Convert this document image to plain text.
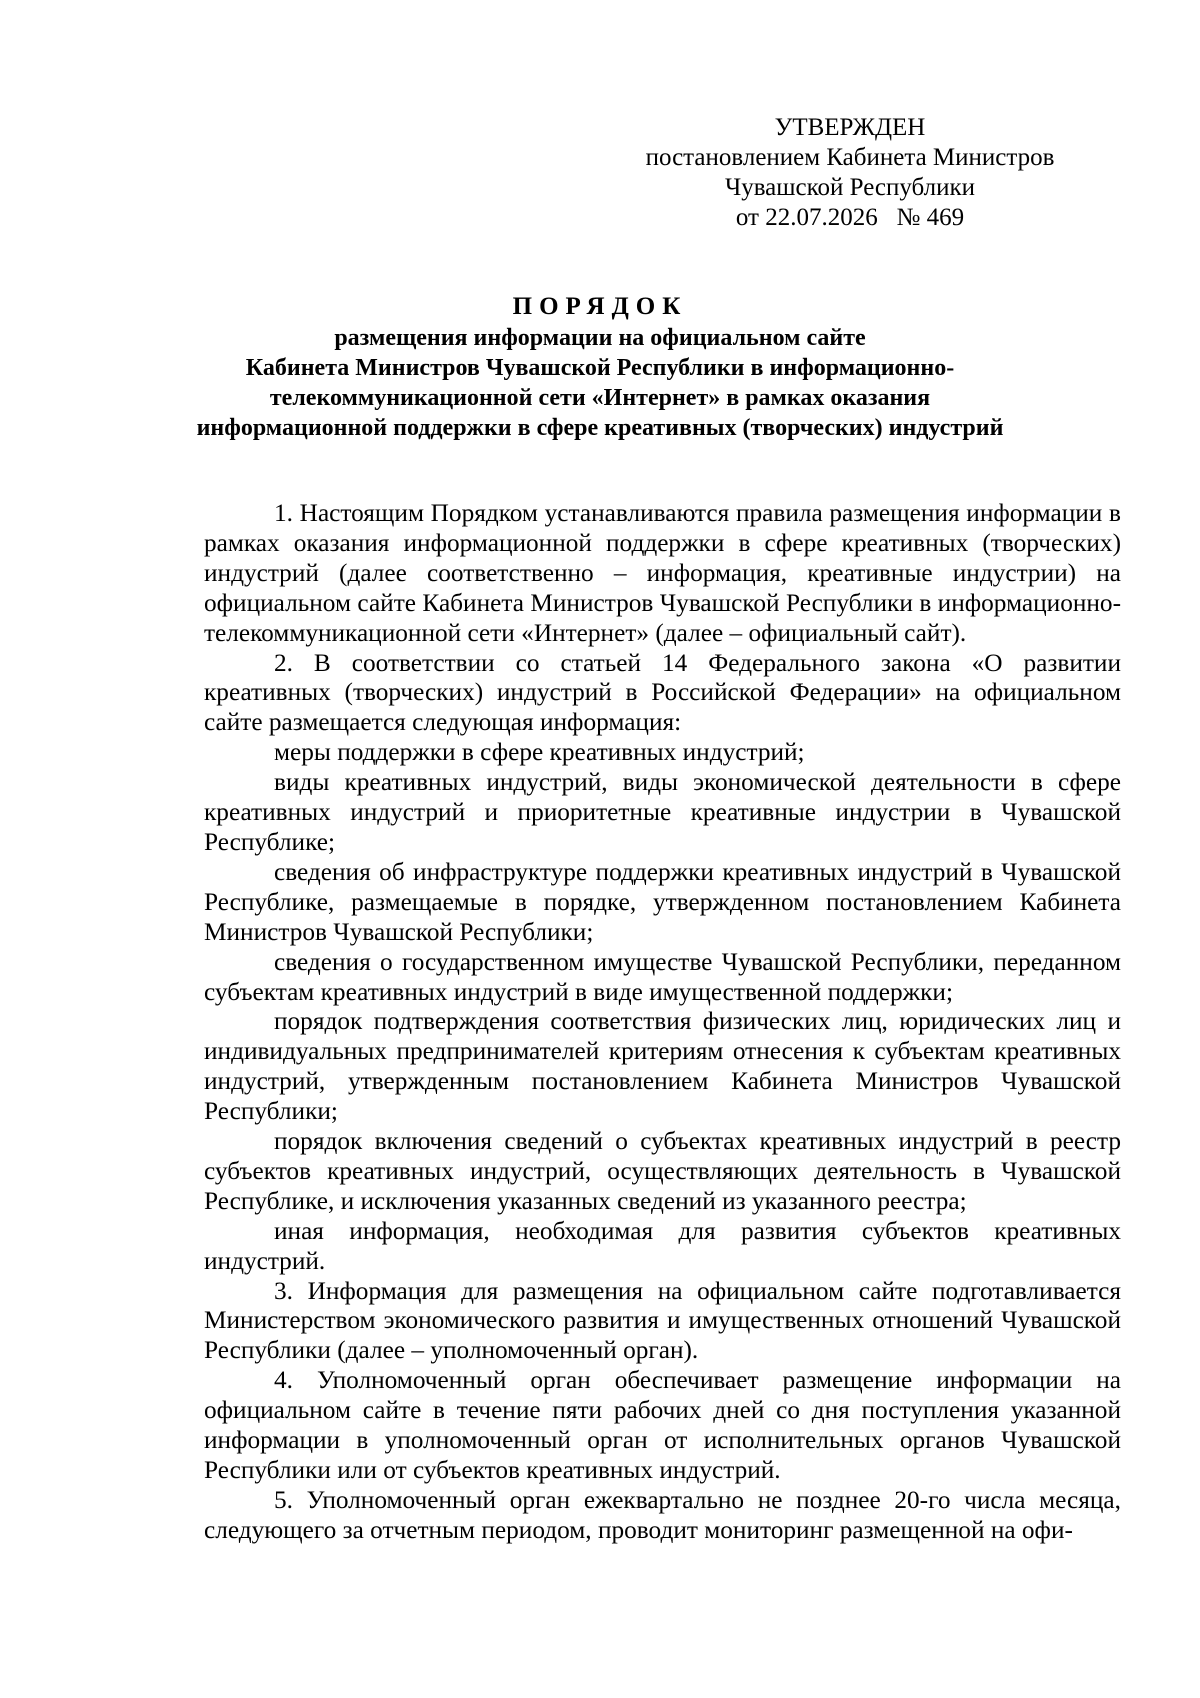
УТВЕРЖДЕН
постановлением Кабинета Министров
Чувашской Республики
от 22.07.2026   № 469
ПОРЯДОК
размещения информации на официальном сайте
Кабинета Министров Чувашской Республики в информационно-
телекоммуникационной сети «Интернет» в рамках оказания
информационной поддержки в сфере креативных (творческих) индустрий

1. Настоящим Порядком устанавливаются правила размещения информации в рамках оказания информационной поддержки в сфере креативных (творческих) индустрий (далее соответственно – информация, креативные индустрии) на официальном сайте Кабинета Министров Чувашской Республики в информационно-телекоммуникационной сети «Интернет» (далее – официальный сайт).

2. В соответствии со статьей 14 Федерального закона «О развитии креативных (творческих) индустрий в Российской Федерации» на официальном сайте размещается следующая информация:

меры поддержки в сфере креативных индустрий;

виды креативных индустрий, виды экономической деятельности в сфере креативных индустрий и приоритетные креативные индустрии в Чувашской Республике;

сведения об инфраструктуре поддержки креативных индустрий в Чувашской Республике, размещаемые в порядке, утвержденном постановлением Кабинета Министров Чувашской Республики;

сведения о государственном имуществе Чувашской Республики, переданном субъектам креативных индустрий в виде имущественной поддержки;

порядок подтверждения соответствия физических лиц, юридических лиц и индивидуальных предпринимателей критериям отнесения к субъектам креативных индустрий, утвержденным постановлением Кабинета Министров Чувашской Республики;

порядок включения сведений о субъектах креативных индустрий в реестр субъектов креативных индустрий, осуществляющих деятельность в Чувашской Республике, и исключения указанных сведений из указанного реестра;

иная информация, необходимая для развития субъектов креативных индустрий.

3. Информация для размещения на официальном сайте подготавливается Министерством экономического развития и имущественных отношений Чувашской Республики (далее – уполномоченный орган).

4. Уполномоченный орган обеспечивает размещение информации на официальном сайте в течение пяти рабочих дней со дня поступления указанной информации в уполномоченный орган от исполнительных органов Чувашской Республики или от субъектов креативных индустрий.

5. Уполномоченный орган ежеквартально не позднее 20-го числа месяца, следующего за отчетным периодом, проводит мониторинг размещенной на офи-
